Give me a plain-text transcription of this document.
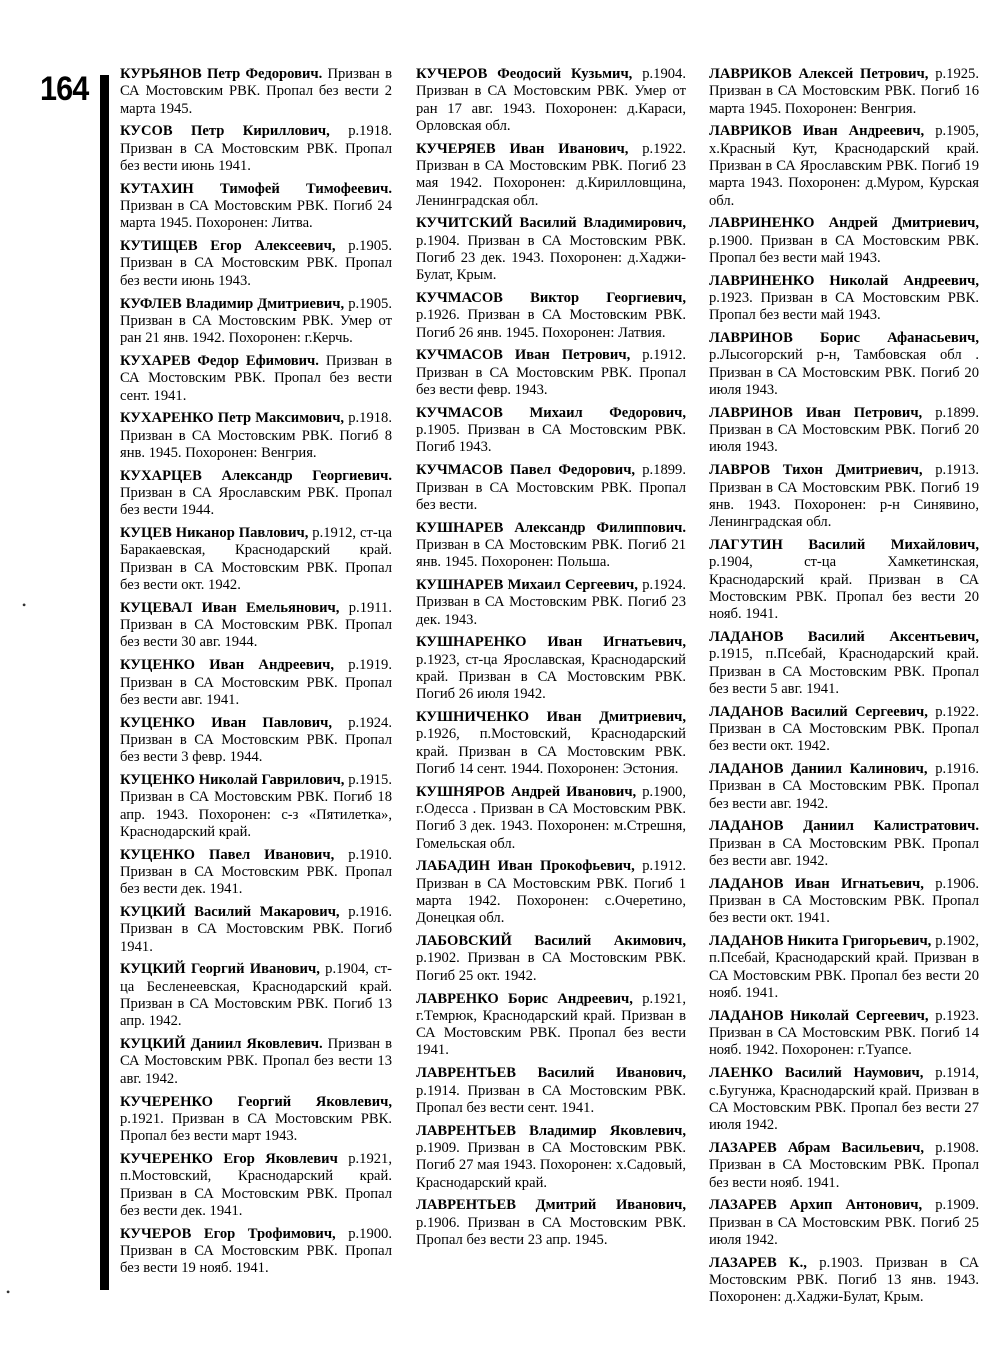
164
•
•

КУРЬЯНОВ Петр Федорович. Призван в СА Мостовским РВК. Пропал без вести 2 марта 1945.

КУСОВ Петр Кириллович, р.1918. Призван в СА Мостовским РВК. Пропал без вести июнь 1941.

КУТАХИН Тимофей Тимофеевич. Призван в СА Мостовским РВК. Погиб 24 марта 1945. Похоронен: Литва.

КУТИЩЕВ Егор Алексеевич, р.1905. Призван в СА Мостовским РВК. Пропал без вести июнь 1943.

КУФЛЕВ Владимир Дмитриевич, р.1905. Призван в СА Мостовским РВК. Умер от ран 21 янв. 1942. Похоронен: г.Керчь.

КУХАРЕВ Федор Ефимович. Призван в СА Мостовским РВК. Пропал без вести сент. 1941.

КУХАРЕНКО Петр Максимович, р.1918. Призван в СА Мостовским РВК. Погиб 8 янв. 1945. Похоронен: Венгрия.

КУХАРЦЕВ Александр Георгиевич. Призван в СА Ярославским РВК. Пропал без вести 1944.

КУЦЕВ Никанор Павлович, р.1912, ст-ца Баракаевская, Краснодарский край. Призван в СА Мостовским РВК. Пропал без вести окт. 1942.

КУЦЕВАЛ Иван Емельянович, р.1911. Призван в СА Мостовским РВК. Пропал без вести 30 авг. 1944.

КУЦЕНКО Иван Андреевич, р.1919. Призван в СА Мостовским РВК. Пропал без вести авг. 1941.

КУЦЕНКО Иван Павлович, р.1924. Призван в СА Мостовским РВК. Пропал без вести 3 февр. 1944.

КУЦЕНКО Николай Гаврилович, р.1915. Призван в СА Мостовским РВК. Погиб 18 апр. 1943. Похоронен: с-з «Пятилетка», Краснодарский край.

КУЦЕНКО Павел Иванович, р.1910. Призван в СА Мостовским РВК. Пропал без вести дек. 1941.

КУЦКИЙ Василий Макарович, р.1916. Призван в СА Мостовским РВК. Погиб 1941.

КУЦКИЙ Георгий Иванович, р.1904, ст-ца Бесленеевская, Краснодарский край. Призван в СА Мостовским РВК. Погиб 13 апр. 1942.

КУЦКИЙ Даниил Яковлевич. Призван в СА Мостовским РВК. Пропал без вести 13 авг. 1942.

КУЧЕРЕНКО Георгий Яковлевич, р.1921. Призван в СА Мостовским РВК. Пропал без вести март 1943.

КУЧЕРЕНКО Егор Яковлевич р.1921, п.Мостовский, Краснодарский край. Призван в СА Мостовским РВК. Пропал без вести дек. 1941.

КУЧЕРОВ Егор Трофимович, р.1900. Призван в СА Мостовским РВК. Пропал без вести 19 нояб. 1941.

КУЧЕРОВ Феодосий Кузьмич, р.1904. Призван в СА Мостовским РВК. Умер от ран 17 авг. 1943. Похоронен: д.Караси, Орловская обл.

КУЧЕРЯЕВ Иван Иванович, р.1922. Призван в СА Мостовским РВК. Погиб 23 мая 1942. Похоронен: д.Кирилловщина, Ленинградская обл.

КУЧИТСКИЙ Василий Владимирович, р.1904. Призван в СА Мостовским РВК. Погиб 23 дек. 1943. Похоронен: д.Хаджи-Булат, Крым.

КУЧМАСОВ Виктор Георгиевич, р.1926. Призван в СА Мостовским РВК. Погиб 26 янв. 1945. Похоронен: Латвия.

КУЧМАСОВ Иван Петрович, р.1912. Призван в СА Мостовским РВК. Пропал без вести февр. 1943.

КУЧМАСОВ Михаил Федорович, р.1905. Призван в СА Мостовским РВК. Погиб 1943.

КУЧМАСОВ Павел Федорович, р.1899. Призван в СА Мостовским РВК. Пропал без вести.

КУШНАРЕВ Александр Филиппович. Призван в СА Мостовским РВК. Погиб 21 янв. 1945. Похоронен: Польша.

КУШНАРЕВ Михаил Сергеевич, р.1924. Призван в СА Мостовским РВК. Погиб 23 дек. 1943.

КУШНАРЕНКО Иван Игнатьевич, р.1923, ст-ца Ярославская, Краснодарский край. Призван в СА Мостовским РВК. Погиб 26 июля 1942.

КУШНИЧЕНКО Иван Дмитриевич, р.1926, п.Мостовский, Краснодарский край. Призван в СА Мостовским РВК. Погиб 14 сент. 1944. Похоронен: Эстония.

КУШНЯРОВ Андрей Иванович, р.1900, г.Одесса . Призван в СА Мостовским РВК. Погиб 3 дек. 1943. Похоронен: м.Стрешня, Гомельская обл.

ЛАБАДИН Иван Прокофьевич, р.1912. Призван в СА Мостовским РВК. Погиб 1 марта 1942. Похоронен: с.Очеретино, Донецкая обл.

ЛАБОВСКИЙ Василий Акимович, р.1902. Призван в СА Мостовским РВК. Погиб 25 окт. 1942.

ЛАВРЕНКО Борис Андреевич, р.1921, г.Темрюк, Краснодарский край. Призван в СА Мостовским РВК. Пропал без вести 1941.

ЛАВРЕНТЬЕВ Василий Иванович, р.1914. Призван в СА Мостовским РВК. Пропал без вести сент. 1941.

ЛАВРЕНТЬЕВ Владимир Яковлевич, р.1909. Призван в СА Мостовским РВК. Погиб 27 мая 1943. Похоронен: х.Садовый, Краснодарский край.

ЛАВРЕНТЬЕВ Дмитрий Иванович, р.1906. Призван в СА Мостовским РВК. Пропал без вести 23 апр. 1945.

ЛАВРИКОВ Алексей Петрович, р.1925. Призван в СА Мостовским РВК. Погиб 16 марта 1945. Похоронен: Венгрия.

ЛАВРИКОВ Иван Андреевич, р.1905, х.Красный Кут, Краснодарский край. Призван в СА Ярославским РВК. Погиб 19 марта 1943. Похоронен: д.Муром, Курская обл.

ЛАВРИНЕНКО Андрей Дмитриевич, р.1900. Призван в СА Мостовским РВК. Пропал без вести май 1943.

ЛАВРИНЕНКО Николай Андреевич, р.1923. Призван в СА Мостовским РВК. Пропал без вести май 1943.

ЛАВРИНОВ Борис Афанасьевич, р.Лысогорский р-н, Тамбовская обл . Призван в СА Мостовским РВК. Погиб 20 июля 1943.

ЛАВРИНОВ Иван Петрович, р.1899. Призван в СА Мостовским РВК. Погиб 20 июля 1943.

ЛАВРОВ Тихон Дмитриевич, р.1913. Призван в СА Мостовским РВК. Погиб 19 янв. 1943. Похоронен: р-н Синявино, Ленинградская обл.

ЛАГУТИН Василий Михайлович, р.1904, ст-ца Хамкетинская, Краснодарский край. Призван в СА Мостовским РВК. Пропал без вести 20 нояб. 1941.

ЛАДАНОВ Василий Аксентьевич, р.1915, п.Псебай, Краснодарский край. Призван в СА Мостовским РВК. Пропал без вести 5 авг. 1941.

ЛАДАНОВ Василий Сергеевич, р.1922. Призван в СА Мостовским РВК. Пропал без вести окт. 1942.

ЛАДАНОВ Даниил Калинович, р.1916. Призван в СА Мостовским РВК. Пропал без вести авг. 1942.

ЛАДАНОВ Даниил Калистратович. Призван в СА Мостовским РВК. Пропал без вести авг. 1942.

ЛАДАНОВ Иван Игнатьевич, р.1906. Призван в СА Мостовским РВК. Пропал без вести окт. 1941.

ЛАДАНОВ Никита Григорьевич, р.1902, п.Псебай, Краснодарский край. Призван в СА Мостовским РВК. Пропал без вести 20 нояб. 1941.

ЛАДАНОВ Николай Сергеевич, р.1923. Призван в СА Мостовским РВК. Погиб 14 нояб. 1942. Похоронен: г.Туапсе.

ЛАЕНКО Василий Наумович, р.1914, с.Бугунжа, Краснодарский край. Призван в СА Мостовским РВК. Пропал без вести 27 июля 1942.

ЛАЗАРЕВ Абрам Васильевич, р.1908. Призван в СА Мостовским РВК. Пропал без вести нояб. 1941.

ЛАЗАРЕВ Архип Антонович, р.1909. Призван в СА Мостовским РВК. Погиб 25 июля 1942.

ЛАЗАРЕВ К., р.1903. Призван в СА Мостовским РВК. Погиб 13 янв. 1943. Похоронен: д.Хаджи-Булат, Крым.
